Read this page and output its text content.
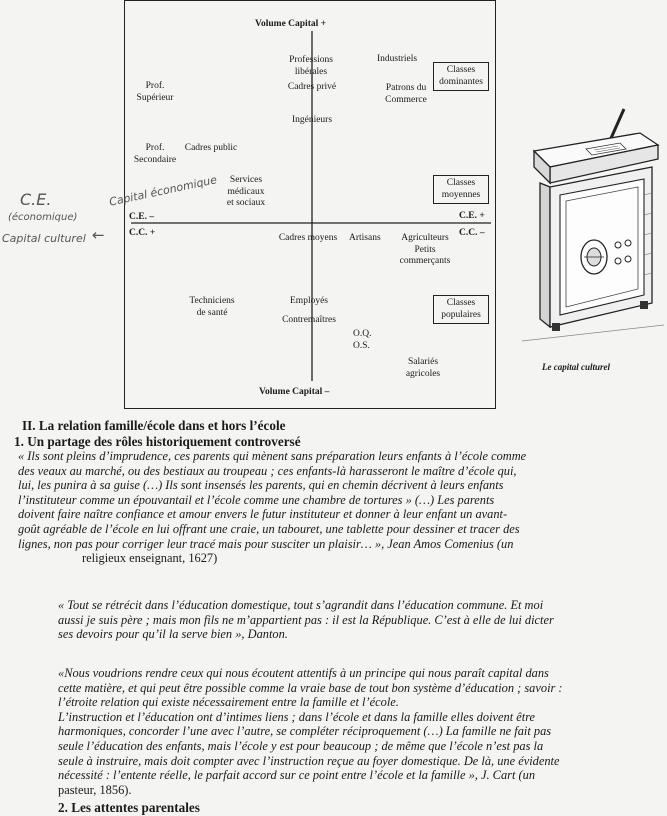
Volume Capital +
Volume Capital –
C.E. –
C.C. +
C.E. +
C.C. –
Prof.
Supérieur
Professions
libérales
Cadres privé
Industriels
Patrons du
Commerce
Classes
dominantes
Ingénieurs
Prof.
Secondaire
Cadres public
Services
médicaux
et sociaux
Classes
moyennes
Cadres moyens	Artisans	Agriculteurs
Petits
commerçants
Techniciens
de santé
Employés
Contremaîtres
Classes
populaires
O.Q.
O.S.
Salariés
agricoles
C.E.
(économique)
Capital culturel ←
Capital économique
Le capital culturel
II. La relation famille/école dans et hors l’école
1. Un partage des rôles historiquement controversé
« Ils sont pleins d’imprudence, ces parents qui mènent sans préparation leurs enfants à l’école comme
des veaux au marché, ou des bestiaux au troupeau ; ces enfants-là harasseront le maître d’école qui,
lui, les punira à sa guise (…) Ils sont insensés les parents, qui en chemin décrivent à leurs enfants
l’instituteur comme un épouvantail et l’école comme une chambre de tortures » (…) Les parents
doivent faire naître confiance et amour envers le futur instituteur et donner à leur enfant un avant-
goût agréable de l’école en lui offrant une craie, un tabouret, une tablette pour dessiner et tracer des
lignes, non pas pour corriger leur tracé mais pour susciter un plaisir… », Jean Amos Comenius (un
religieux enseignant, 1627)
« Tout se rétrécit dans l’éducation domestique, tout s’agrandit dans l’éducation commune. Et moi
aussi je suis père ; mais mon fils ne m’appartient pas : il est la République. C’est à elle de lui dicter
ses devoirs pour qu’il la serve bien », Danton.
«Nous voudrions rendre ceux qui nous écoutent attentifs à un principe qui nous paraît capital dans
cette matière, et qui peut être possible comme la vraie base de tout bon système d’éducation ; savoir :
l’étroite relation qui existe nécessairement entre la famille et l’école.
L’instruction et l’éducation ont d’intimes liens ; dans l’école et dans la famille elles doivent être
harmoniques, concorder l’une avec l’autre, se compléter réciproquement (…) La famille ne fait pas
seule l’éducation des enfants, mais l’école y est pour beaucoup ; de même que l’école n’est pas la
seule à instruire, mais doit compter avec l’instruction reçue au foyer domestique. De là, une évidente
nécessité : l’entente réelle, le parfait accord sur ce point entre l’école et la famille », J. Cart (un
pasteur, 1856).
2. Les attentes parentales
